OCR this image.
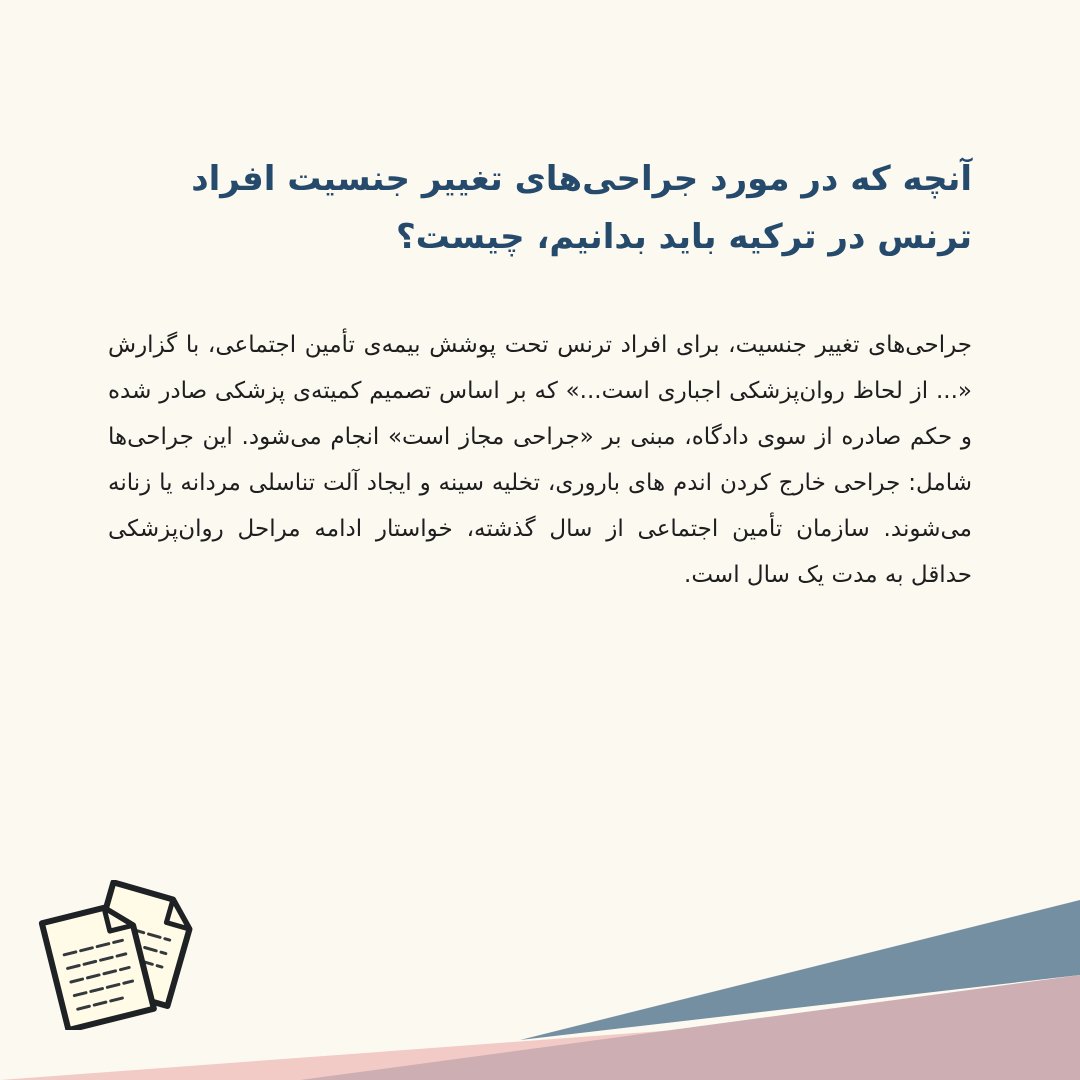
آنچه که در مورد جراحی‌های تغییر جنسیت افراد ترنس در ترکیه باید بدانیم، چیست؟

جراحی‌های تغییر جنسیت، برای افراد ترنس تحت پوشش بیمه‌ی تأمین اجتماعی، با گزارش «... از لحاظ روان‌پزشکی اجباری است...» که بر اساس تصمیم کمیته‌ی پزشکی صادر شده و حکم صادره از سوی دادگاه، مبنی بر «جراحی مجاز است» انجام می‌شود. این جراحی‌ها شامل: جراحی خارج کردن اندم های باروری، تخلیه سینه و ایجاد آلت تناسلی مردانه یا زنانه می‌شوند. سازمان تأمین اجتماعی از سال گذشته، خواستار ادامه مراحل روان‌پزشکی حداقل به مدت یک سال است.
